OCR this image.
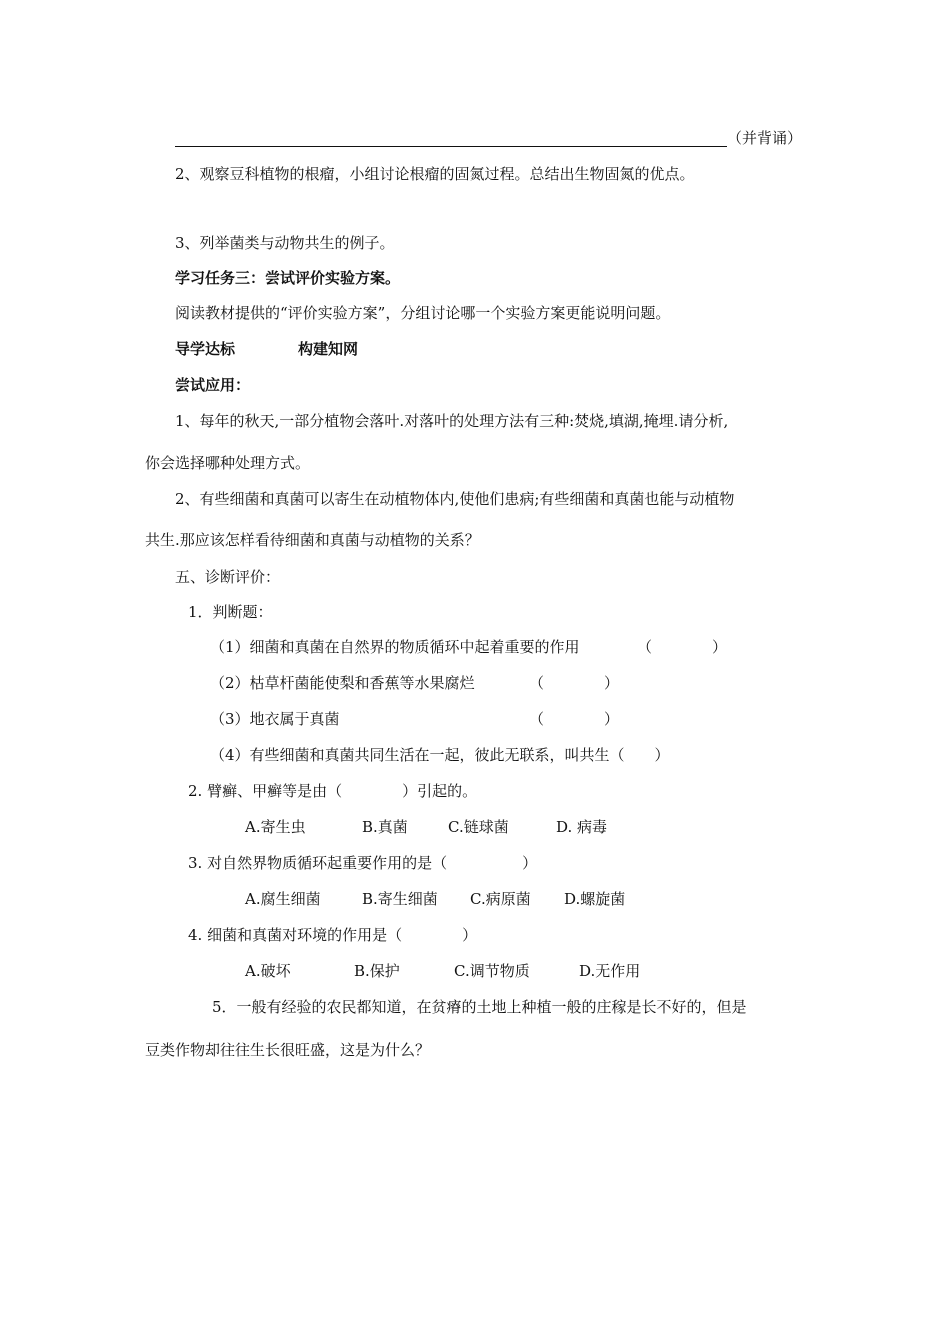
（并背诵）
2、观察豆科植物的根瘤，小组讨论根瘤的固氮过程。总结出生物固氮的优点。
3、列举菌类与动物共生的例子。
学习任务三：尝试评价实验方案。
阅读教材提供的“评价实验方案”，分组讨论哪一个实验方案更能说明问题。
导学达标	构建知网
尝试应用：
1、每年的秋天,一部分植物会落叶.对落叶的处理方法有三种:焚烧,填湖,掩埋.请分析,
你会选择哪种处理方式。
2、有些细菌和真菌可以寄生在动植物体内,使他们患病;有些细菌和真菌也能与动植物
共生.那应该怎样看待细菌和真菌与动植物的关系？
五、诊断评价：
1．判断题：
（1）细菌和真菌在自然界的物质循环中起着重要的作用	（　　　　）
（2）枯草杆菌能使梨和香蕉等水果腐烂	（　　　　）
（3）地衣属于真菌	（　　　　）
（4）有些细菌和真菌共同生活在一起，彼此无联系，叫共生（　　）
2. 臂癣、甲癣等是由（　　　　）引起的。
A.寄生虫	B.真菌	C.链球菌	D. 病毒
3. 对自然界物质循环起重要作用的是（　　　　　）
A.腐生细菌	B.寄生细菌 C.病原菌 D.螺旋菌
4. 细菌和真菌对环境的作用是（　　　　）
A.破坏	B.保护	C.调节物质	D.无作用
5．一般有经验的农民都知道，在贫瘠的土地上种植一般的庄稼是长不好的，但是
豆类作物却往往生长很旺盛，这是为什么？
